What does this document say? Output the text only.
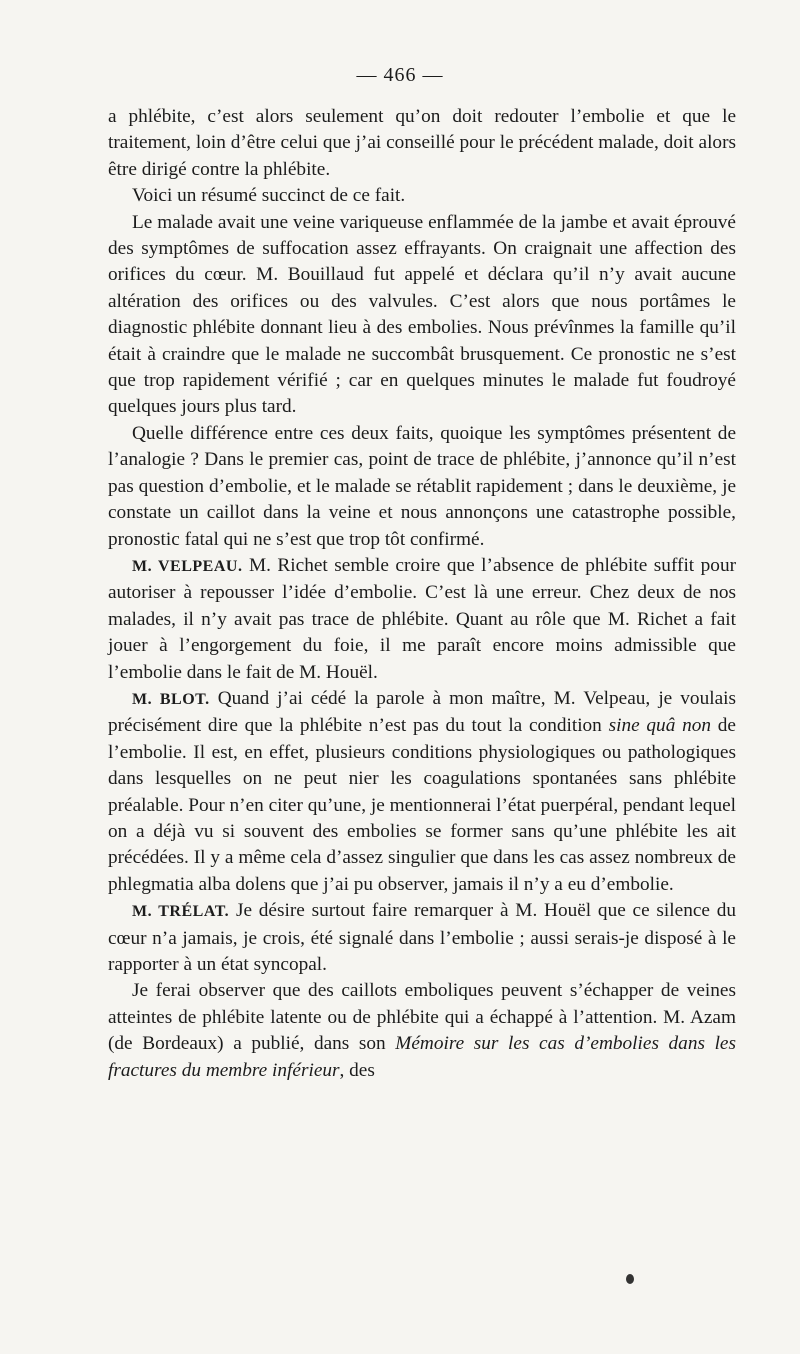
— 466 —

a phlébite, c’est alors seulement qu’on doit redouter l’embolie et que le traitement, loin d’être celui que j’ai conseillé pour le précédent malade, doit alors être dirigé contre la phlébite.

Voici un résumé succinct de ce fait.

Le malade avait une veine variqueuse enflammée de la jambe et avait éprouvé des symptômes de suffocation assez effrayants. On craignait une affection des orifices du cœur. M. Bouillaud fut appelé et déclara qu’il n’y avait aucune altération des orifices ou des valvules. C’est alors que nous portâmes le diagnostic phlébite donnant lieu à des embolies. Nous prévînmes la famille qu’il était à craindre que le malade ne succombât brusquement. Ce pronostic ne s’est que trop rapidement vérifié ; car en quelques minutes le malade fut foudroyé quelques jours plus tard.

Quelle différence entre ces deux faits, quoique les symptômes présentent de l’analogie ? Dans le premier cas, point de trace de phlébite, j’annonce qu’il n’est pas question d’embolie, et le malade se rétablit rapidement ; dans le deuxième, je constate un caillot dans la veine et nous annonçons une catastrophe possible, pronostic fatal qui ne s’est que trop tôt confirmé.

M. VELPEAU. M. Richet semble croire que l’absence de phlébite suffit pour autoriser à repousser l’idée d’embolie. C’est là une erreur. Chez deux de nos malades, il n’y avait pas trace de phlébite. Quant au rôle que M. Richet a fait jouer à l’engorgement du foie, il me paraît encore moins admissible que l’embolie dans le fait de M. Houël.

M. BLOT. Quand j’ai cédé la parole à mon maître, M. Velpeau, je voulais précisément dire que la phlébite n’est pas du tout la condition sine quâ non de l’embolie. Il est, en effet, plusieurs conditions physiologiques ou pathologiques dans lesquelles on ne peut nier les coagulations spontanées sans phlébite préalable. Pour n’en citer qu’une, je mentionnerai l’état puerpéral, pendant lequel on a déjà vu si souvent des embolies se former sans qu’une phlébite les ait précédées. Il y a même cela d’assez singulier que dans les cas assez nombreux de phlegmatia alba dolens que j’ai pu observer, jamais il n’y a eu d’embolie.

M. TRÉLAT. Je désire surtout faire remarquer à M. Houël que ce silence du cœur n’a jamais, je crois, été signalé dans l’embolie ; aussi serais-je disposé à le rapporter à un état syncopal.

Je ferai observer que des caillots emboliques peuvent s’échapper de veines atteintes de phlébite latente ou de phlébite qui a échappé à l’attention. M. Azam (de Bordeaux) a publié, dans son Mémoire sur les cas d’embolies dans les fractures du membre inférieur, des
